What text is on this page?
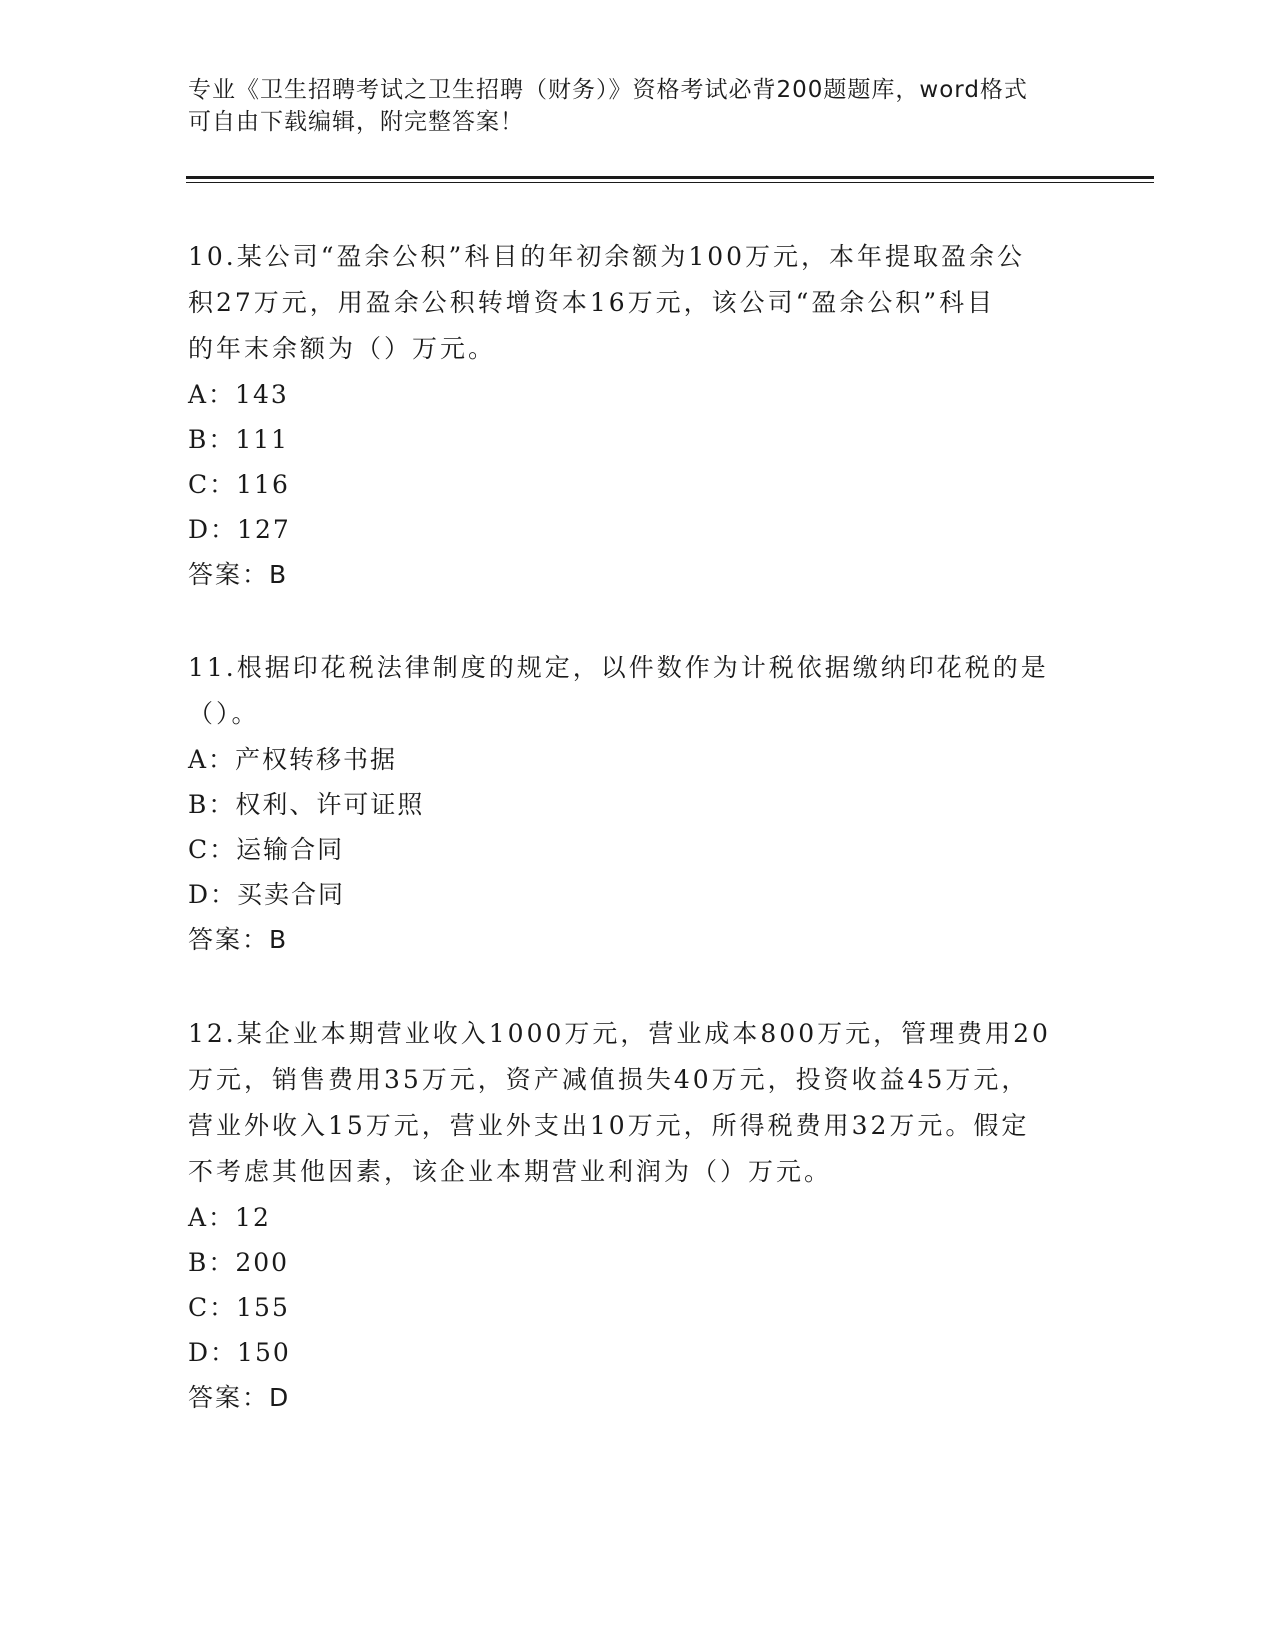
专业《卫生招聘考试之卫生招聘（财务）》资格考试必背200题题库，word格式
可自由下载编辑，附完整答案！

10.某公司“盈余公积”科目的年初余额为100万元，本年提取盈余公

积27万元，用盈余公积转增资本16万元，该公司“盈余公积”科目

的年末余额为（）万元。

A：143

B：111

C：116

D：127

答案：B

11.根据印花税法律制度的规定，以件数作为计税依据缴纳印花税的是

（）。

A：产权转移书据

B：权利、许可证照

C：运输合同

D：买卖合同

答案：B

12.某企业本期营业收入1000万元，营业成本800万元，管理费用20

万元，销售费用35万元，资产减值损失40万元，投资收益45万元，

营业外收入15万元，营业外支出10万元，所得税费用32万元。假定

不考虑其他因素，该企业本期营业利润为（）万元。

A：12

B：200

C：155

D：150

答案：D
